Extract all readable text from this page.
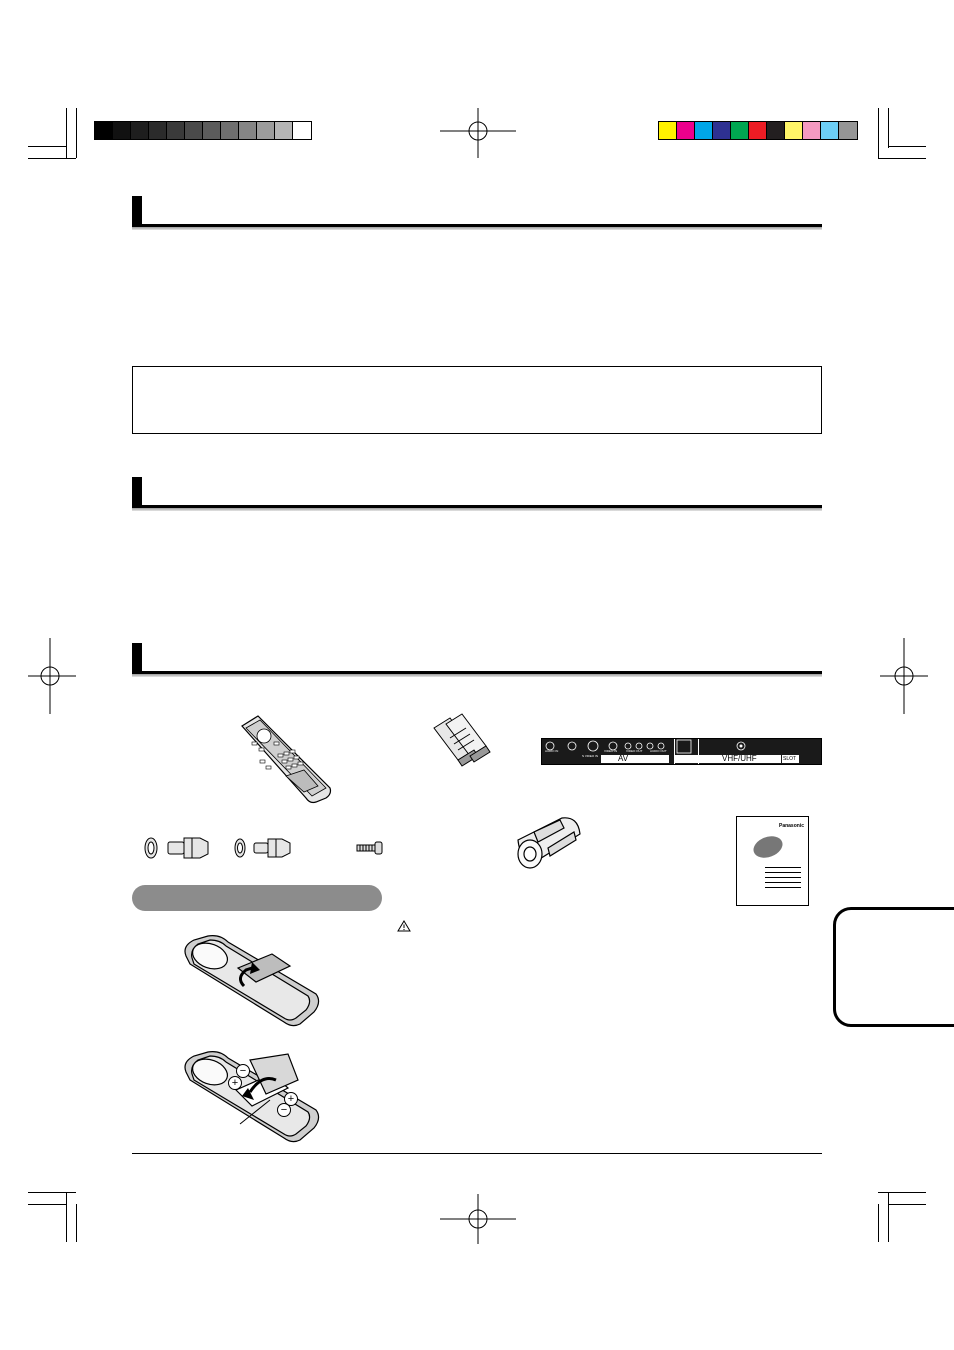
AV	VHF/UHF	SLOT
AUDIO IN
S VIDEO IN
VIDEO IN	VIDEO OUT AUDIO OUT
Panasonic
−
+
+
−
